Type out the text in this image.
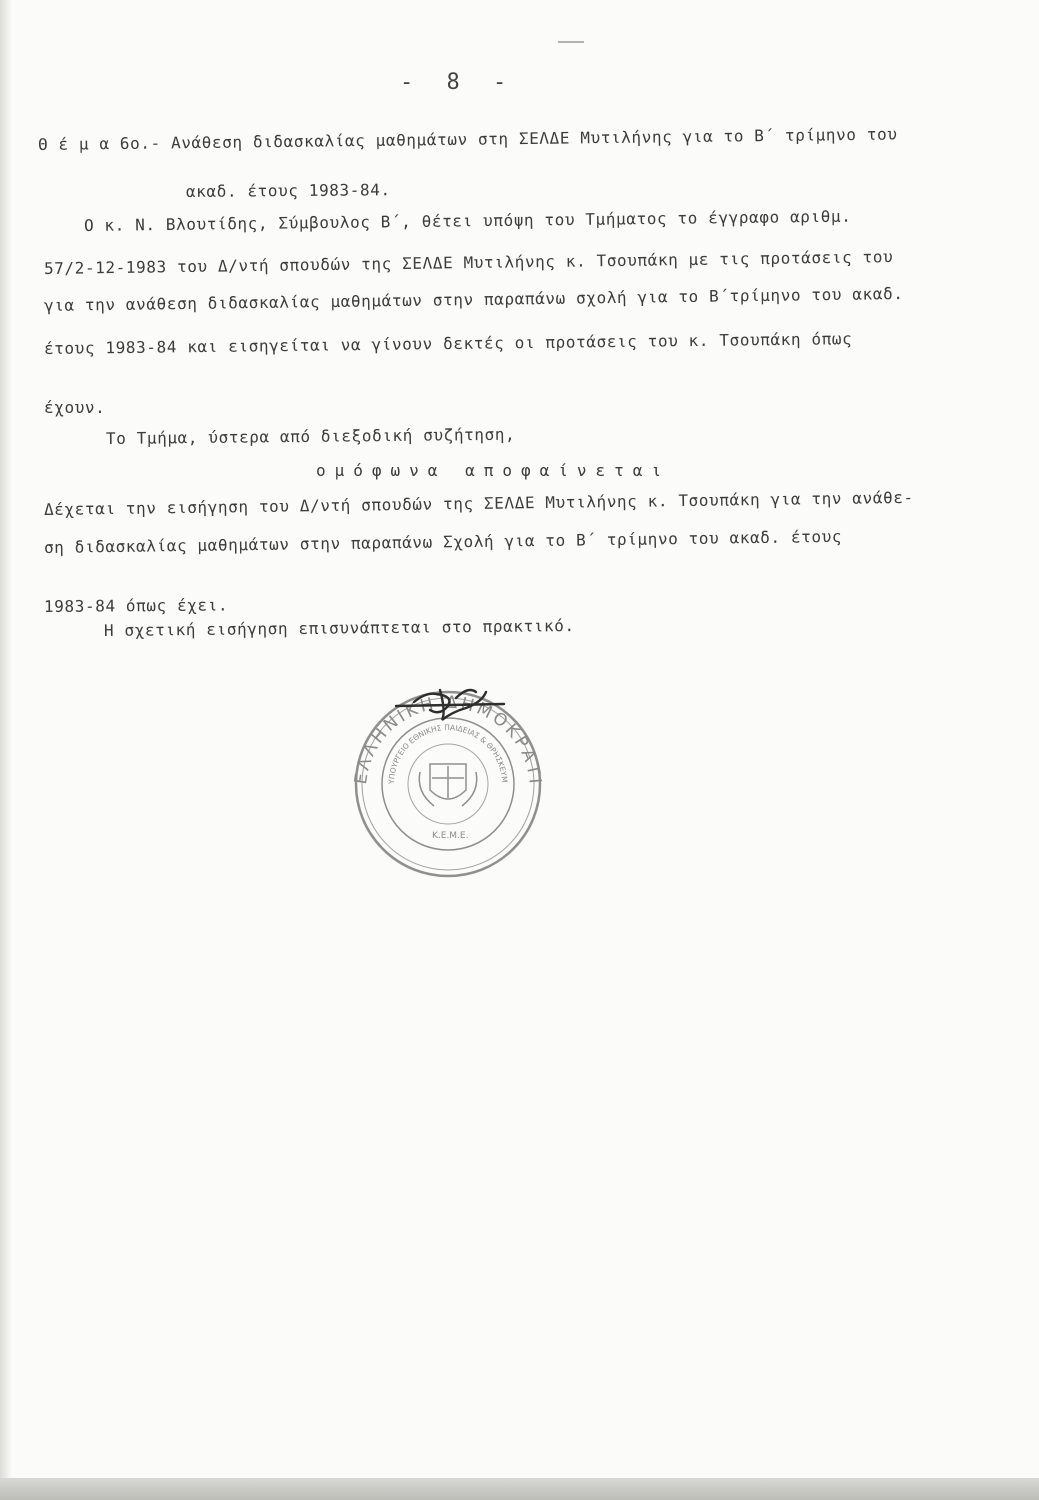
- 8 -
Θ έ μ α 6ο.- Ανάθεση διδασκαλίας μαθημάτων στη ΣΕΛΔΕ Μυτιλήνης για το Β΄ τρίμηνο του
ακαδ. έτους 1983-84.
Ο κ. Ν. Βλουτίδης, Σύμβουλος Β΄, θέτει υπόψη του Τμήματος το έγγραφο αριθμ.
57/2-12-1983 του Δ/ντή σπουδών της ΣΕΛΔΕ Μυτιλήνης κ. Τσουπάκη με τις προτάσεις του
για την ανάθεση διδασκαλίας μαθημάτων στην παραπάνω σχολή για το Β΄τρίμηνο του ακαδ.
έτους 1983-84 και εισηγείται να γίνουν δεκτές οι προτάσεις του κ. Τσουπάκη όπως
έχουν.
Το Τμήμα, ύστερα από διεξοδική συζήτηση,
ομόφωνα αποφαίνεται
Δέχεται την εισήγηση του Δ/ντή σπουδών της ΣΕΛΔΕ Μυτιλήνης κ. Τσουπάκη για την ανάθε-
ση διδασκαλίας μαθημάτων στην παραπάνω Σχολή για το Β΄ τρίμηνο του ακαδ. έτους
1983-84 όπως έχει.
Η σχετική εισήγηση επισυνάπτεται στο πρακτικό.
ΕΛΛΗΝΙΚΗ ΔΗΜΟΚΡΑΤΙ
ΥΠΟΥΡΓΕΙΟ ΕΘΝΙΚΗΣ ΠΑΙΔΕΙΑΣ & ΘΡΗΣΚΕΥΜ
Κ.Ε.Μ.Ε.
